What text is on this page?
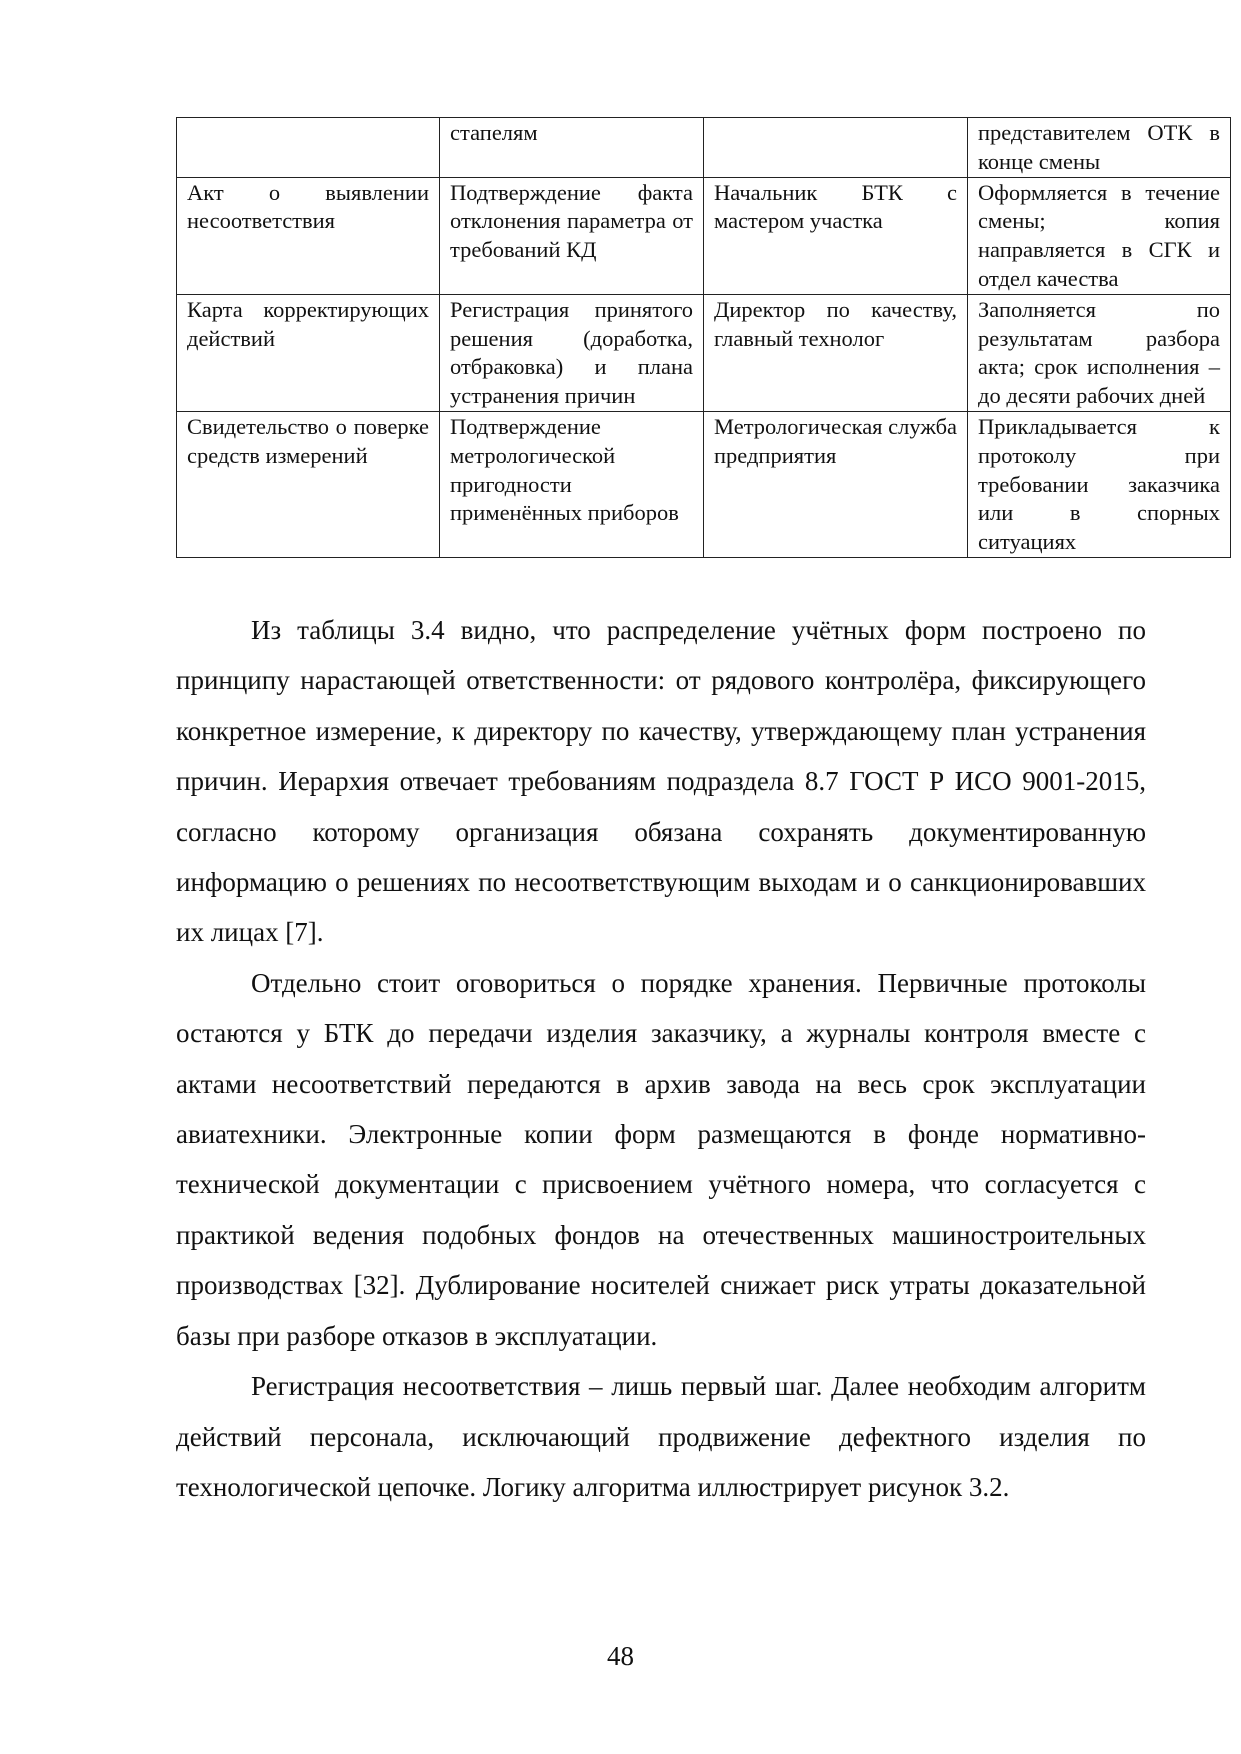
	стапелям		представителем ОТК в конце смены
Акт о выявлении несоответствия	Подтверждение факта отклонения параметра от требований КД	Начальник БТК с мастером участка	Оформляется в течение смены; копия направляется в СГК и отдел качества
Карта корректирующих действий	Регистрация принятого решения (доработка, отбраковка) и плана устранения причин	Директор по качеству, главный технолог	Заполняется по результатам разбора акта; срок исполнения – до десяти рабочих дней
Свидетельство о поверке средств измерений	Подтверждение метрологической пригодности применённых приборов	Метрологическая служба предприятия	Прикладывается к протоколу при требовании заказчика или в спорных ситуациях

Из таблицы 3.4 видно, что распределение учётных форм построено по принципу нарастающей ответственности: от рядового контролёра, фиксирующего конкретное измерение, к директору по качеству, утверждающему план устранения причин. Иерархия отвечает требованиям подраздела 8.7 ГОСТ Р ИСО 9001-2015, согласно которому организация обязана сохранять документированную информацию о решениях по несоответствующим выходам и о санкционировавших их лицах [7].

Отдельно стоит оговориться о порядке хранения. Первичные протоколы остаются у БТК до передачи изделия заказчику, а журналы контроля вместе с актами несоответствий передаются в архив завода на весь срок эксплуатации авиатехники. Электронные копии форм размещаются в фонде нормативно-технической документации с присвоением учётного номера, что согласуется с практикой ведения подобных фондов на отечественных машиностроительных производствах [32]. Дублирование носителей снижает риск утраты доказательной базы при разборе отказов в эксплуатации.

Регистрация несоответствия – лишь первый шаг. Далее необходим алгоритм действий персонала, исключающий продвижение дефектного изделия по технологической цепочке. Логику алгоритма иллюстрирует рисунок 3.2.

48
